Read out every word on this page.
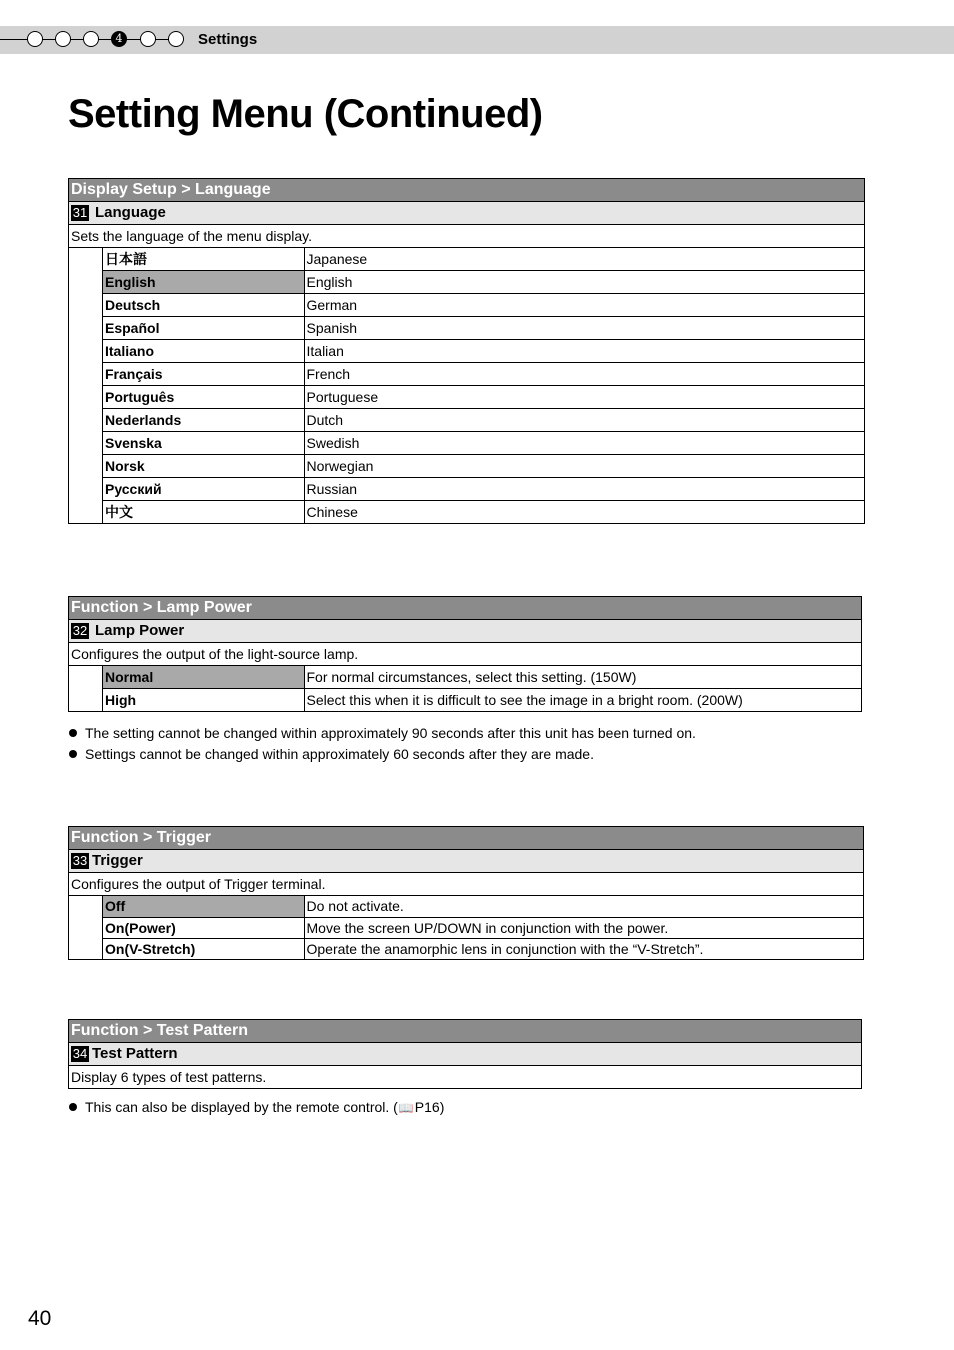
4	Settings
Setting Menu (Continued)
Display Setup > Language
31 Language
Sets the language of the menu display.
日本語	Japanese
English	English
Deutsch	German
Español	Spanish
Italiano	Italian
Français	French
Português	Portuguese
Nederlands	Dutch
Svenska	Swedish
Norsk	Norwegian
Русский	Russian
中文	Chinese
Function > Lamp Power
32 Lamp Power
Configures the output of the light-source lamp.
Normal	For normal circumstances, select this setting. (150W)
High	Select this when it is difficult to see the image in a bright room. (200W)
The setting cannot be changed within approximately 90 seconds after this unit has been turned on.
Settings cannot be changed within approximately 60 seconds after they are made.
Function > Trigger
33 Trigger
Configures the output of Trigger terminal.
Off	Do not activate.
On(Power)	Move the screen UP/DOWN in conjunction with the power.
On(V-Stretch)	Operate the anamorphic lens in conjunction with the “V-Stretch”.
Function > Test Pattern
34 Test Pattern
Display 6 types of test patterns.
This can also be displayed by the remote control. (📖P16)
40
